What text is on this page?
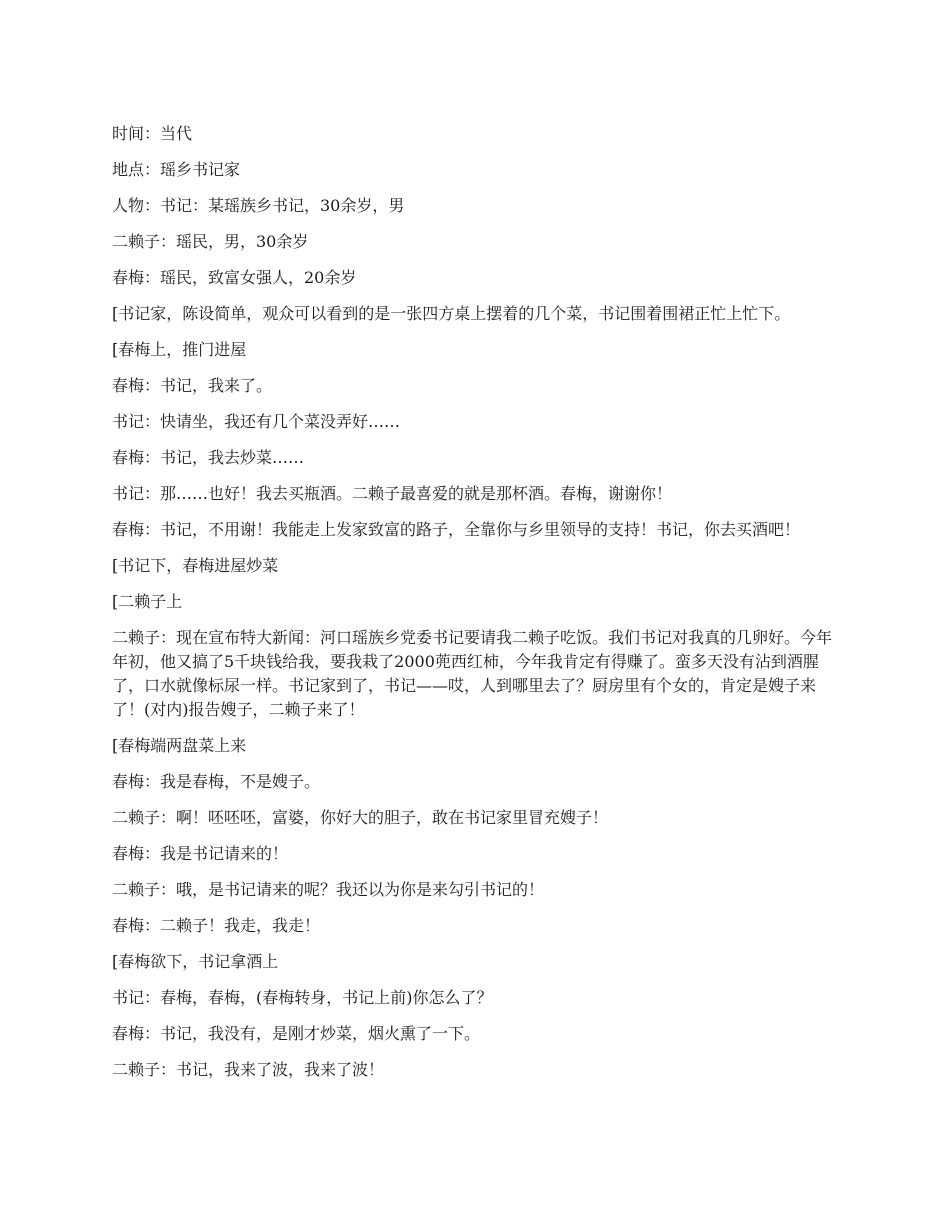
时间：当代

地点：瑶乡书记家

人物：书记：某瑶族乡书记，30余岁，男

二赖子：瑶民，男，30余岁

春梅：瑶民，致富女强人，20余岁

[书记家，陈设简单，观众可以看到的是一张四方桌上摆着的几个菜，书记围着围裙正忙上忙下。

[春梅上，推门进屋

春梅：书记，我来了。

书记：快请坐，我还有几个菜没弄好……

春梅：书记，我去炒菜……

书记：那……也好！我去买瓶酒。二赖子最喜爱的就是那杯酒。春梅，谢谢你！

春梅：书记，不用谢！我能走上发家致富的路子，全靠你与乡里领导的支持！书记，你去买酒吧！

[书记下，春梅进屋炒菜

[二赖子上

二赖子：现在宣布特大新闻：河口瑶族乡党委书记要请我二赖子吃饭。我们书记对我真的几卵好。今年年初，他又搞了5千块钱给我，要我栽了2000蔸西红柿，今年我肯定有得赚了。蛮多天没有沾到酒腥了，口水就像标尿一样。书记家到了，书记——哎，人到哪里去了？厨房里有个女的，肯定是嫂子来了！(对内)报告嫂子，二赖子来了！

[春梅端两盘菜上来

春梅：我是春梅，不是嫂子。

二赖子：啊！呸呸呸，富婆，你好大的胆子，敢在书记家里冒充嫂子！

春梅：我是书记请来的！

二赖子：哦，是书记请来的呢？我还以为你是来勾引书记的！

春梅：二赖子！我走，我走！

[春梅欲下，书记拿酒上

书记：春梅，春梅，(春梅转身，书记上前)你怎么了？

春梅：书记，我没有，是刚才炒菜，烟火熏了一下。

二赖子：书记，我来了波，我来了波！
